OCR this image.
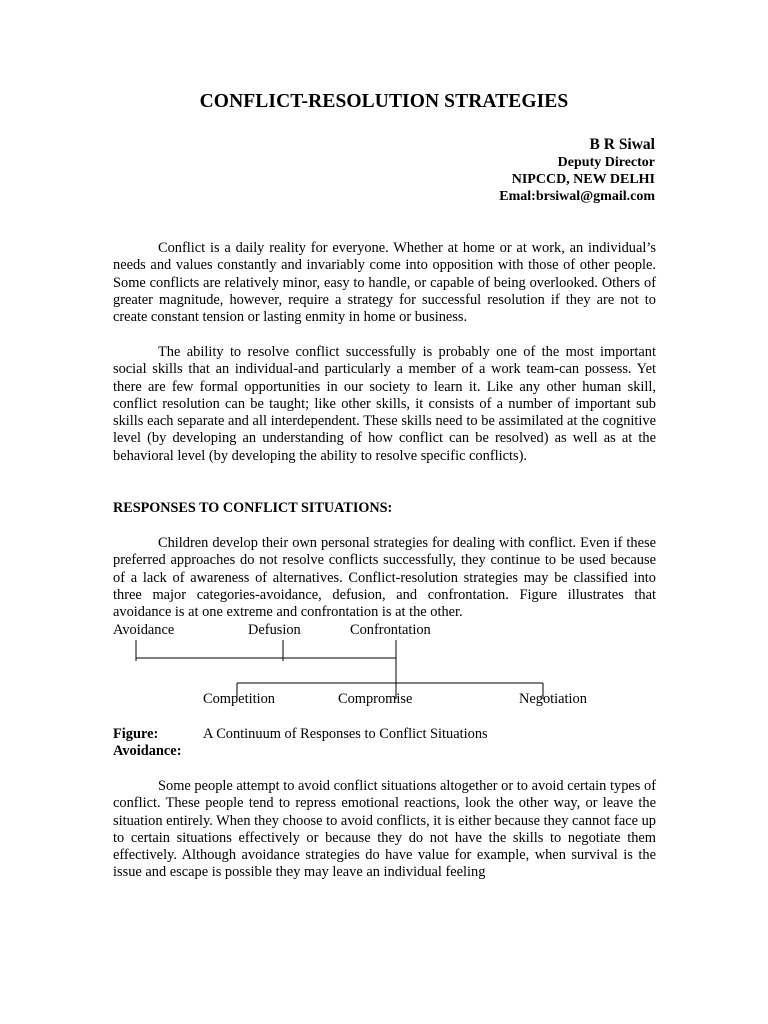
CONFLICT-RESOLUTION STRATEGIES
B R Siwal
Deputy Director
NIPCCD, NEW DELHI
Emal:brsiwal@gmail.com

Conflict is a daily reality for everyone. Whether at home or at work, an individual’s needs and values constantly and invariably come into opposition with those of other people. Some conflicts are relatively minor, easy to handle, or capable of being overlooked. Others of greater magnitude, however, require a strategy for successful resolution if they are not to create constant tension or lasting enmity in home or business.

The ability to resolve conflict successfully is probably one of the most important social skills that an individual-and particularly a member of a work team-can possess. Yet there are few formal opportunities in our society to learn it. Like any other human skill, conflict resolution can be taught; like other skills, it consists of a number of important sub skills each separate and all interdependent. These skills need to be assimilated at the cognitive level (by developing an understanding of how conflict can be resolved) as well as at the behavioral level (by developing the ability to resolve specific conflicts).

RESPONSES TO CONFLICT SITUATIONS:

Children develop their own personal strategies for dealing with conflict. Even if these preferred approaches do not resolve conflicts successfully, they continue to be used because of a lack of awareness of alternatives. Conflict-resolution strategies may be classified into three major categories-avoidance, defusion, and confrontation. Figure illustrates that avoidance is at one extreme and confrontation is at the other.

Avoidance	Defusion	Confrontation
Competition	Compromise	Negotiation
Figure:	A Continuum of Responses to Conflict Situations
Avoidance:

Some people attempt to avoid conflict situations altogether or to avoid certain types of conflict. These people tend to repress emotional reactions, look the other way, or leave the situation entirely. When they choose to avoid conflicts, it is either because they cannot face up to certain situations effectively or because they do not have the skills to negotiate them effectively. Although avoidance strategies do have value for example, when survival is the issue and escape is possible they may leave an individual feeling
